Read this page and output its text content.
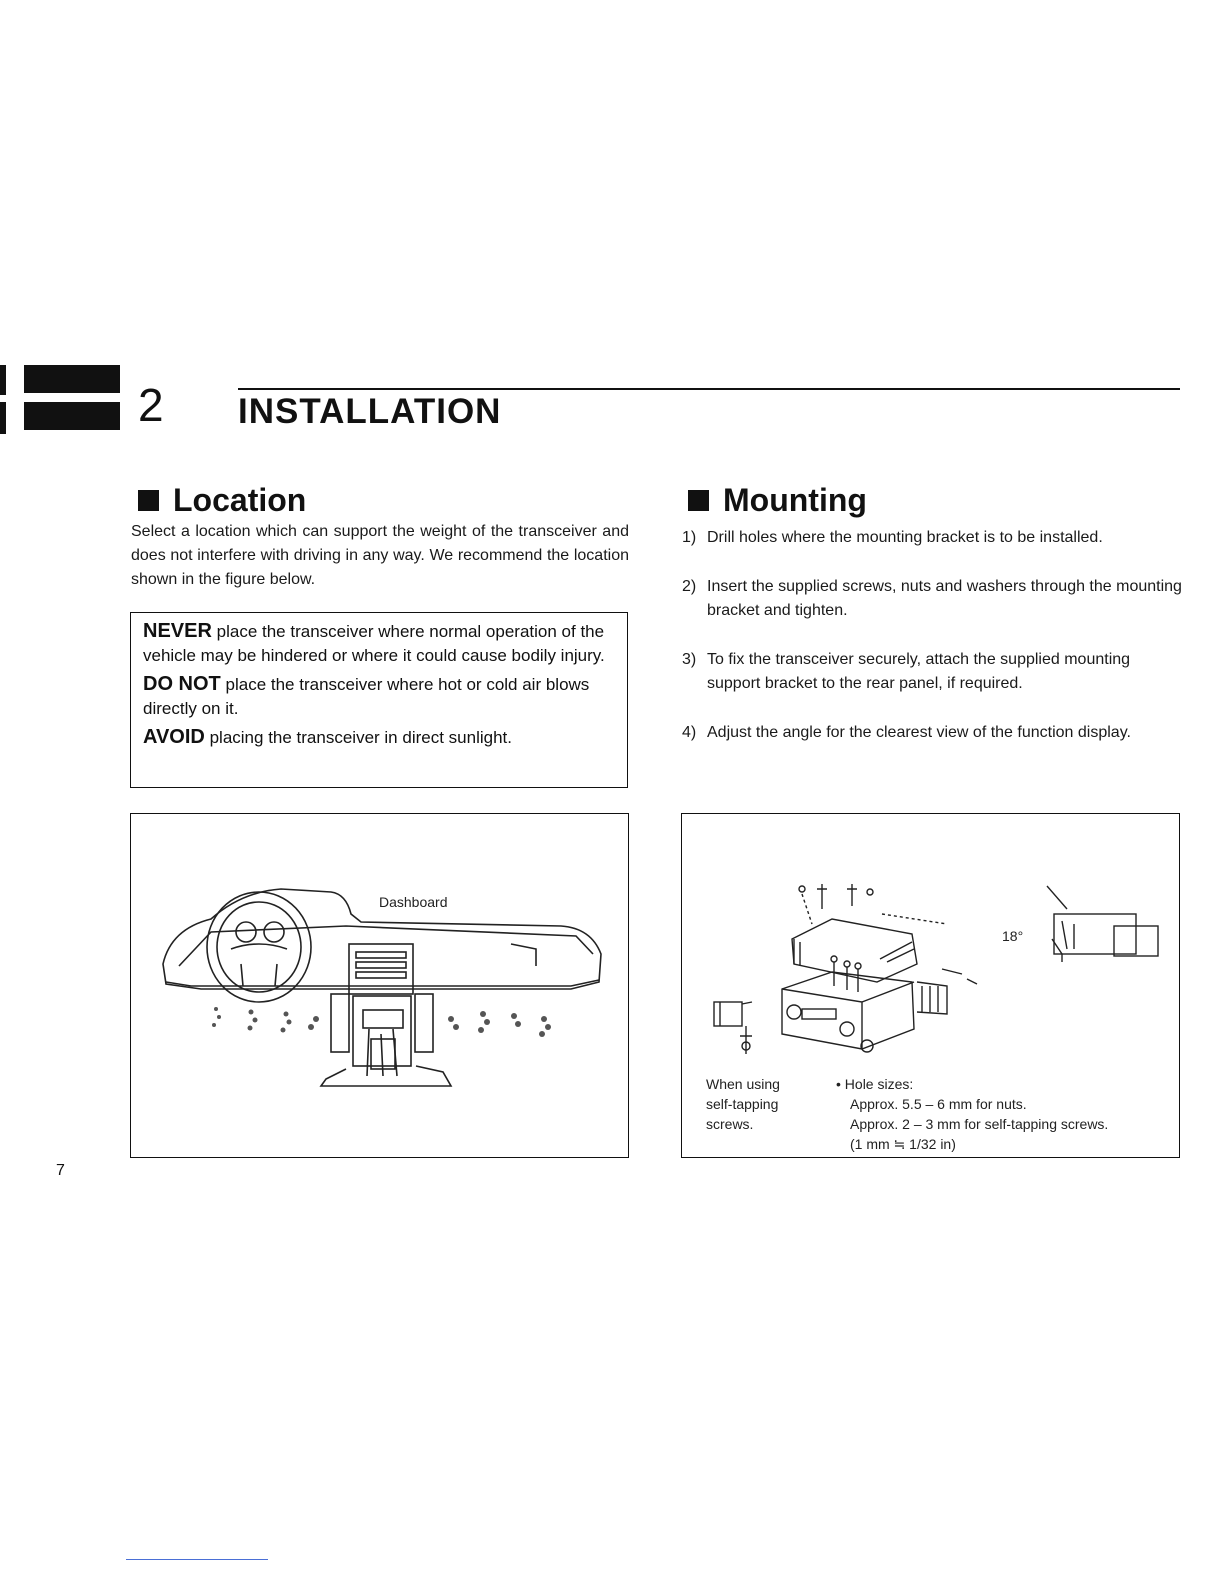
2 INSTALLATION
Location
Select a location which can support the weight of the transceiver and does not interfere with driving in any way. We recommend the location shown in the figure below.

NEVER place the transceiver where normal operation of the vehicle may be hindered or where it could cause bodily injury.

DO NOT place the transceiver where hot or cold air blows directly on it.

AVOID placing the transceiver in direct sunlight.

Dashboard
Mounting
1) Drill holes where the mounting bracket is to be installed.
2) Insert the supplied screws, nuts and washers through the mounting bracket and tighten.
3) To fix the transceiver securely, attach the supplied mounting support bracket to the rear panel, if required.
4) Adjust the angle for the clearest view of the function display.
18°
When using
self-tapping
screws.
• Hole sizes:
Approx. 5.5 – 6 mm for nuts.
Approx. 2 – 3 mm for self-tapping screws.
(1 mm ≒ 1/32 in)
7
